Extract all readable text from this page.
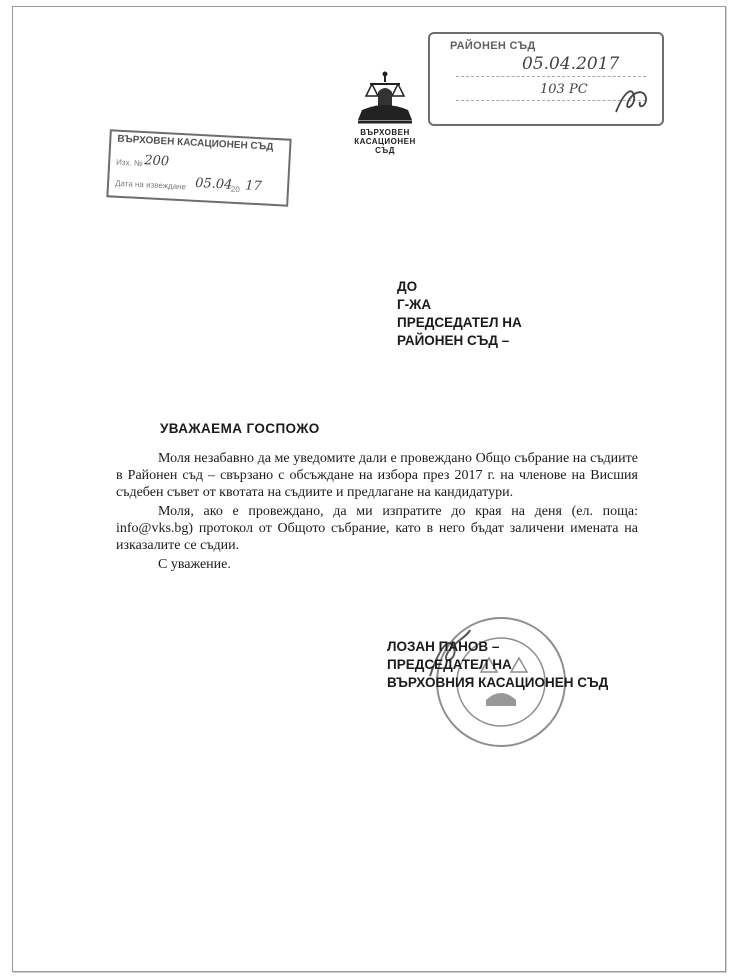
РАЙОНЕН СЪД
05.04.2017
103 РС
ВЪРХОВЕН
КАСАЦИОНЕН
СЪД
ВЪРХОВЕН КАСАЦИОНЕН СЪД
Изх. № 200
Дата на извеждане 05.04
20 17
ДО
Г-ЖА
ПРЕДСЕДАТЕЛ НА
РАЙОНЕН СЪД –
УВАЖАЕМА ГОСПОЖО

Моля незабавно да ме уведомите дали е провеждано Общо събрание на съдиите в Районен съд – свързано с обсъждане на избора през 2017 г. на членове на Висшия съдебен съвет от квотата на съдиите и предлагане на кандидатури.

Моля, ако е провеждано, да ми изпратите до края на деня (ел. поща: info@vks.bg) протокол от Общото събрание, като в него бъдат заличени имената на изказалите се съдии.

С уважение.

ЛОЗАН ПАНОВ –
ПРЕДСЕДАТЕЛ НА
ВЪРХОВНИЯ КАСАЦИОНЕН СЪД
